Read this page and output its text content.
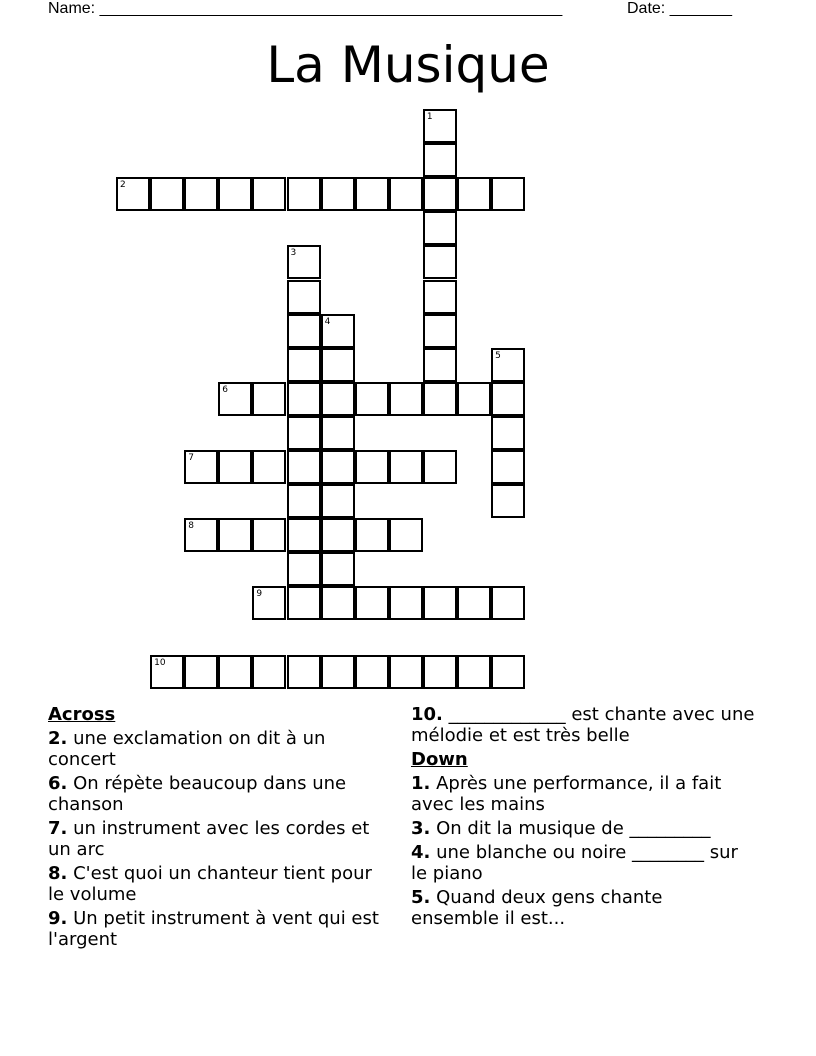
Name: ____________________________________________________	Date: _______
La Musique
1
2
3
4
5
6
7
8
9
10
Across
2. une exclamation on dit à un concert
6. On répète beaucoup dans une chanson
7. un instrument avec les cordes et un arc
8. C'est quoi un chanteur tient pour le volume
9. Un petit instrument à vent qui est l'argent
10. _____________ est chante avec une mélodie et est très belle
Down
1. Après une performance, il a fait avec les mains
3. On dit la musique de _________
4. une blanche ou noire ________ sur le piano
5. Quand deux gens chante ensemble il est...
